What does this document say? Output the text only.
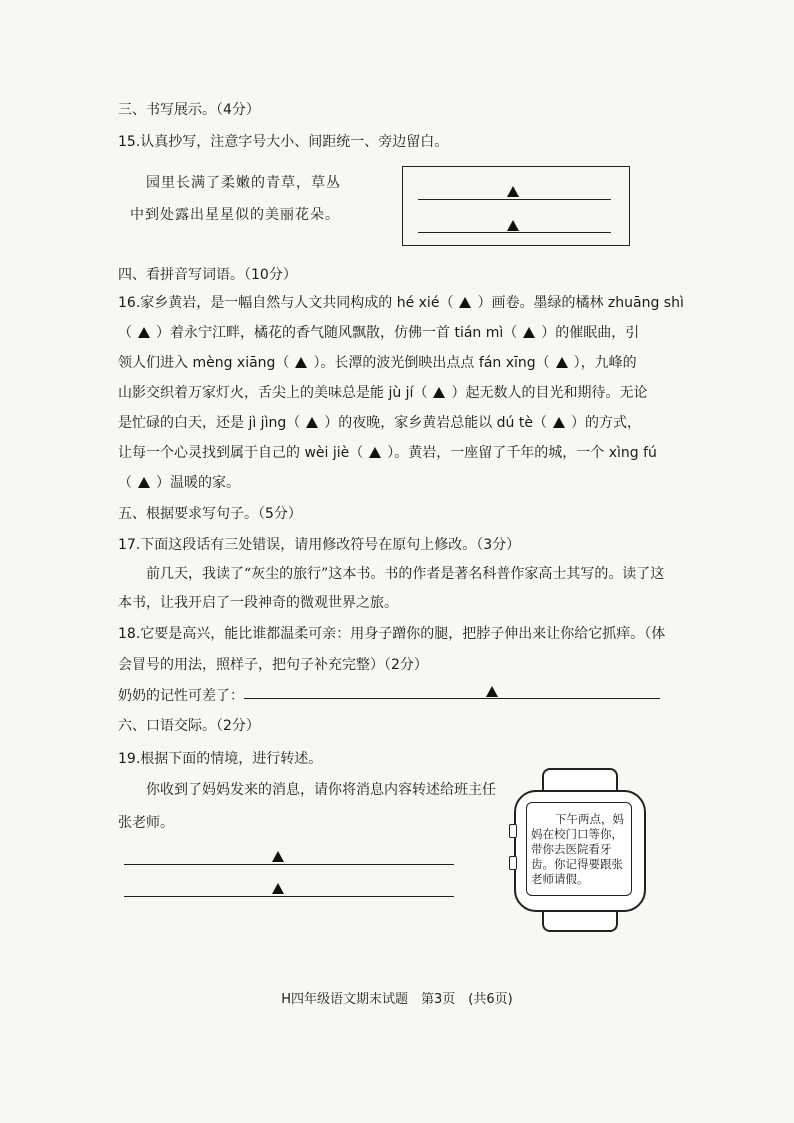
三、书写展示。（4分）
15.认真抄写，注意字号大小、间距统一、旁边留白。
园里长满了柔嫩的青草，草丛
中到处露出星星似的美丽花朵。
四、看拼音写词语。（10分）
16.家乡黄岩，是一幅自然与人文共同构成的 hé xié（ ）画卷。墨绿的橘林 zhuāng shì
（ ）着永宁江畔，橘花的香气随风飘散，仿佛一首 tián mì（ ）的催眠曲，引
领人们进入 mèng xiāng（ ）。长潭的波光倒映出点点 fán xīng（ ），九峰的
山影交织着万家灯火，舌尖上的美味总是能 jù jí（ ）起无数人的目光和期待。无论
是忙碌的白天，还是 jì jìng（ ）的夜晚，家乡黄岩总能以 dú tè（ ）的方式，
让每一个心灵找到属于自己的 wèi jiè（ ）。黄岩，一座留了千年的城，一个 xìng fú
（ ）温暖的家。
五、根据要求写句子。（5分）
17.下面这段话有三处错误，请用修改符号在原句上修改。（3分）
前几天，我读了“灰尘的旅行”这本书。书的作者是著名科普作家高士其写的。读了这
本书，让我开启了一段神奇的微观世界之旅。
18.它要是高兴，能比谁都温柔可亲：用身子蹭你的腿，把脖子伸出来让你给它抓痒。（体
会冒号的用法，照样子，把句子补充完整）（2分）
奶奶的记性可差了：
六、口语交际。（2分）
19.根据下面的情境，进行转述。
你收到了妈妈发来的消息，请你将消息内容转述给班主任
张老师。	下午两点，妈
妈在校门口等你，
带你去医院看牙
齿。你记得要跟张
老师请假。
H四年级语文期末试题　第3页　(共6页)
